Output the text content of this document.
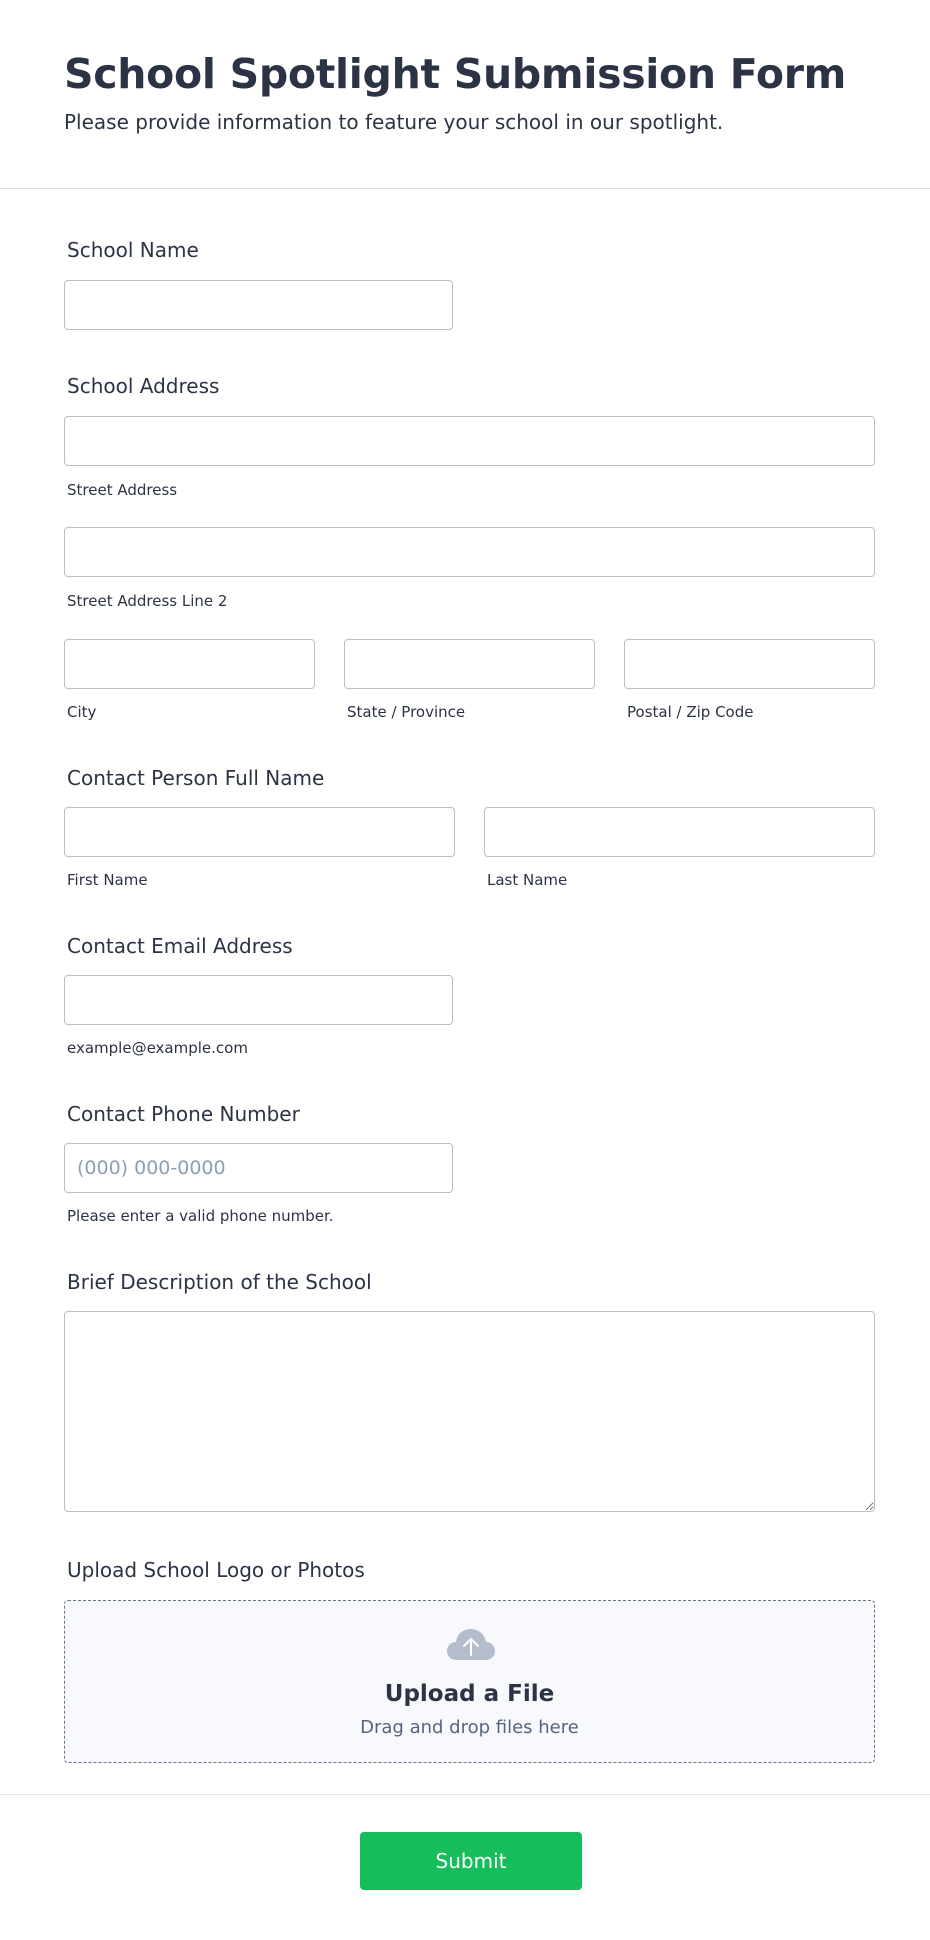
School Spotlight Submission Form

Please provide information to feature your school in our spotlight.

School Name
School Address
Street Address
Street Address Line 2
City	State / Province	Postal / Zip Code
Contact Person Full Name
First Name	Last Name
Contact Email Address
example@example.com
Contact Phone Number
(000) 000-0000
Please enter a valid phone number.
Brief Description of the School
Upload School Logo or Photos
Upload a File
Drag and drop files here
Submit
